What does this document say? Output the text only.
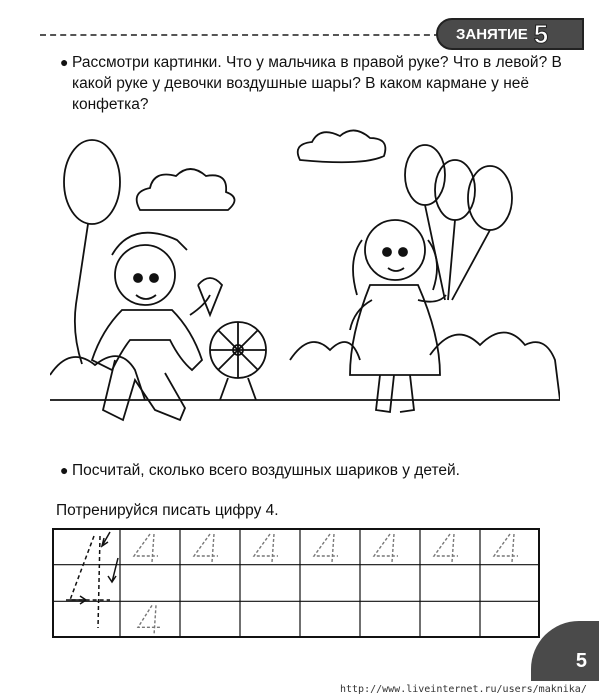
ЗАНЯТИЕ 5
● Рассмотри картинки. Что у мальчика в правой руке? Что в левой? В какой руке у девочки воздушные шары? В каком кармане у неё конфетка?
● Посчитай, сколько всего воздушных шариков у детей.
Потренируйся писать цифру 4.
5
http://www.liveinternet.ru/users/maknika/
